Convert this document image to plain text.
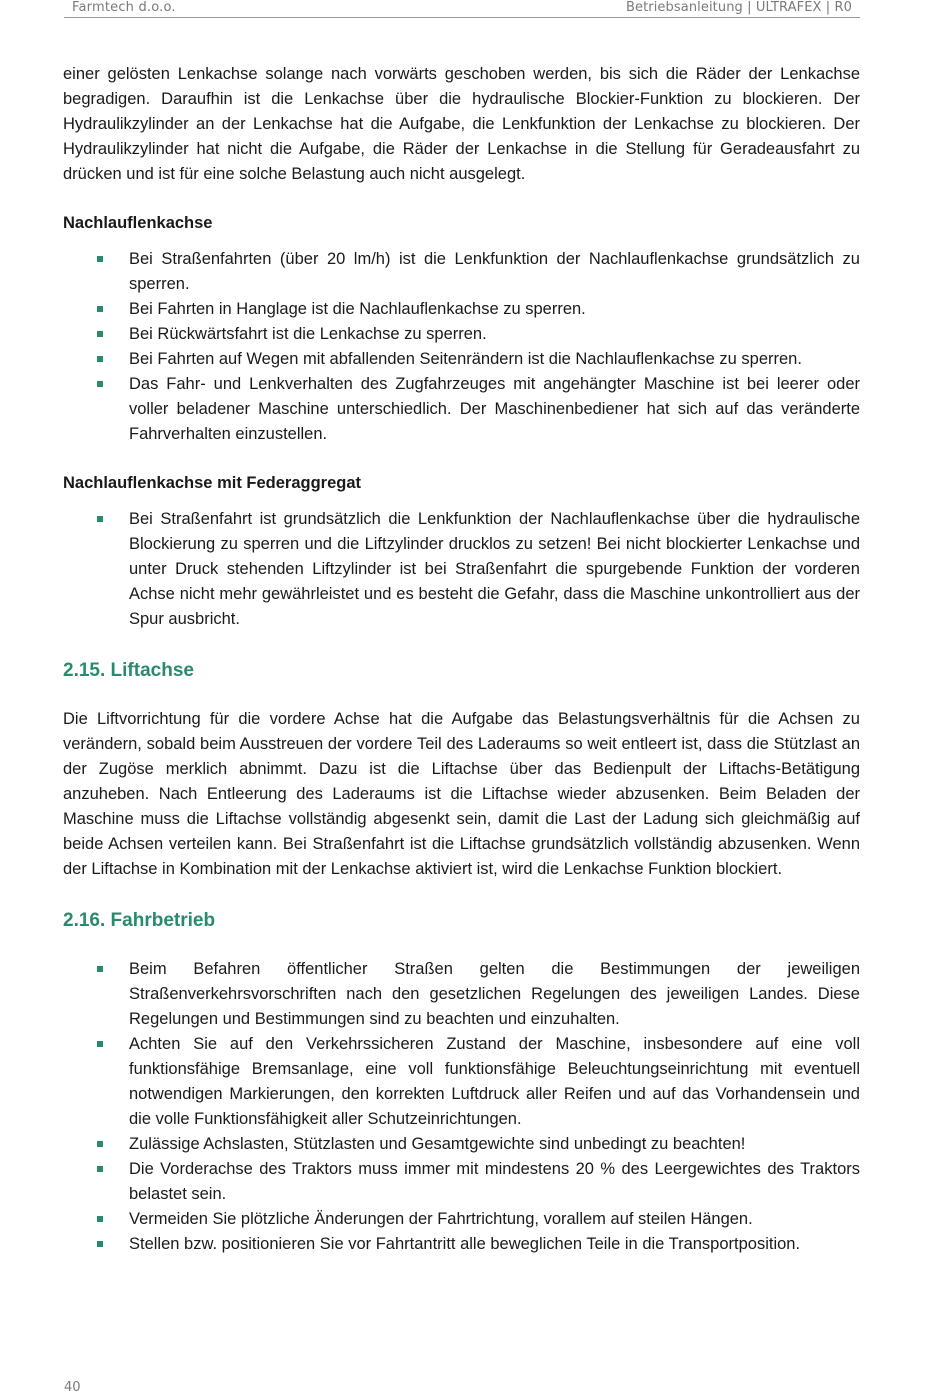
Farmtech d.o.o.	Betriebsanleitung | ULTRAFEX | R0

einer gelösten Lenkachse solange nach vorwärts geschoben werden, bis sich die Räder der Lenkachse begradigen. Daraufhin ist die Lenkachse über die hydraulische Blockier-Funktion zu blockieren. Der Hydraulikzylinder an der Lenkachse hat die Aufgabe, die Lenkfunktion der Lenkachse zu blockieren. Der Hydraulikzylinder hat nicht die Aufgabe, die Räder der Lenkachse in die Stellung für Geradeausfahrt zu drücken und ist für eine solche Belastung auch nicht ausgelegt.

Nachlauflenkachse
Bei Straßenfahrten (über 20 lm/h) ist die Lenkfunktion der Nachlauflenkachse grundsätzlich zu sperren.
Bei Fahrten in Hanglage ist die Nachlauflenkachse zu sperren.
Bei Rückwärtsfahrt ist die Lenkachse zu sperren.
Bei Fahrten auf Wegen mit abfallenden Seitenrändern ist die Nachlauflenkachse zu sperren.
Das Fahr- und Lenkverhalten des Zugfahrzeuges mit angehängter Maschine ist bei leerer oder voller beladener Maschine unterschiedlich. Der Maschinenbediener hat sich auf das veränderte Fahrverhalten einzustellen.
Nachlauflenkachse mit Federaggregat
Bei Straßenfahrt ist grundsätzlich die Lenkfunktion der Nachlauflenkachse über die hydraulische Blockierung zu sperren und die Liftzylinder drucklos zu setzen! Bei nicht blockierter Lenkachse und unter Druck stehenden Liftzylinder ist bei Straßenfahrt die spurgebende Funktion der vorderen Achse nicht mehr gewährleistet und es besteht die Gefahr, dass die Maschine unkontrolliert aus der Spur ausbricht.
2.15. Liftachse

Die Liftvorrichtung für die vordere Achse hat die Aufgabe das Belastungsverhältnis für die Achsen zu verändern, sobald beim Ausstreuen der vordere Teil des Laderaums so weit entleert ist, dass die Stützlast an der Zugöse merklich abnimmt. Dazu ist die Liftachse über das Bedienpult der Liftachs-Betätigung anzuheben. Nach Entleerung des Laderaums ist die Liftachse wieder abzusenken. Beim Beladen der Maschine muss die Liftachse vollständig abgesenkt sein, damit die Last der Ladung sich gleichmäßig auf beide Achsen verteilen kann. Bei Straßenfahrt ist die Liftachse grundsätzlich vollständig abzusenken. Wenn der Liftachse in Kombination mit der Lenkachse aktiviert ist, wird die Lenkachse Funktion blockiert.

2.16. Fahrbetrieb
Beim Befahren öffentlicher Straßen gelten die Bestimmungen der jeweiligen Straßenverkehrsvorschriften nach den gesetzlichen Regelungen des jeweiligen Landes. Diese Regelungen und Bestimmungen sind zu beachten und einzuhalten.
Achten Sie auf den Verkehrssicheren Zustand der Maschine, insbesondere auf eine voll funktionsfähige Bremsanlage, eine voll funktionsfähige Beleuchtungseinrichtung mit eventuell notwendigen Markierungen, den korrekten Luftdruck aller Reifen und auf das Vorhandensein und die volle Funktionsfähigkeit aller Schutzeinrichtungen.
Zulässige Achslasten, Stützlasten und Gesamtgewichte sind unbedingt zu beachten!
Die Vorderachse des Traktors muss immer mit mindestens 20 % des Leergewichtes des Traktors belastet sein.
Vermeiden Sie plötzliche Änderungen der Fahrtrichtung, vorallem auf steilen Hängen.
Stellen bzw. positionieren Sie vor Fahrtantritt alle beweglichen Teile in die Transportposition.
40
